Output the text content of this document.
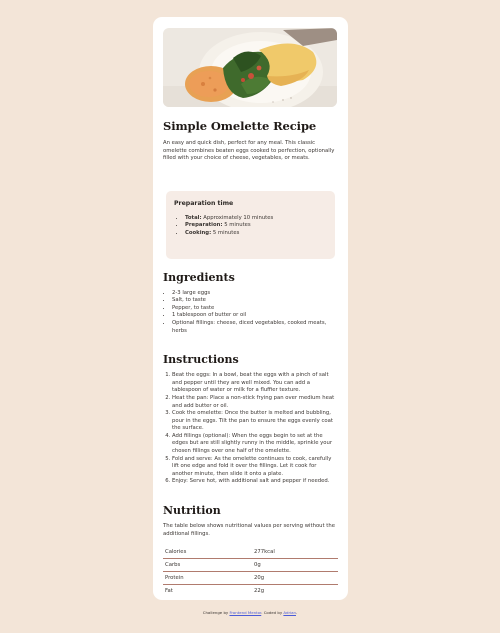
Simple Omelette Recipe

An easy and quick dish, perfect for any meal. This classic omelette combines beaten eggs cooked to perfection, optionally filled with your choice of cheese, vegetables, or meats.

Preparation time
• Total: Approximately 10 minutes
• Preparation: 5 minutes
• Cooking: 5 minutes
Ingredients
• 2-3 large eggs
• Salt, to taste
• Pepper, to taste
• 1 tablespoon of butter or oil
• Optional fillings: cheese, diced vegetables, cooked meats, herbs
Instructions
1. Beat the eggs: In a bowl, beat the eggs with a pinch of salt and pepper until they are well mixed. You can add a tablespoon of water or milk for a fluffier texture.
2. Heat the pan: Place a non-stick frying pan over medium heat and add butter or oil.
3. Cook the omelette: Once the butter is melted and bubbling, pour in the eggs. Tilt the pan to ensure the eggs evenly coat the surface.
4. Add fillings (optional): When the eggs begin to set at the edges but are still slightly runny in the middle, sprinkle your chosen fillings over one half of the omelette.
5. Fold and serve: As the omelette continues to cook, carefully lift one edge and fold it over the fillings. Let it cook for another minute, then slide it onto a plate.
6. Enjoy: Serve hot, with additional salt and pepper if needed.
Nutrition

The table below shows nutritional values per serving without the additional fillings.

Calories	277kcal
Carbs	0g
Protein	20g
Fat	22g
Challenge by Frontend Mentor. Coded by Adrian.
